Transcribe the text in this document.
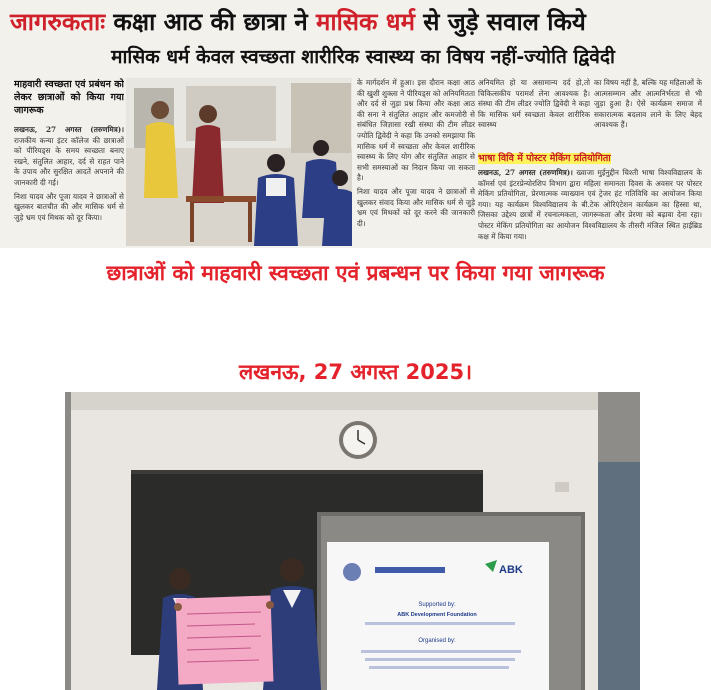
जागरुकताः कक्षा आठ की छात्रा ने मासिक धर्म से जुड़े सवाल किये
मासिक धर्म केवल स्वच्छता शारीरिक स्वास्थ्य का विषय नहीं-ज्योति द्विवेदी
माहवारी स्वच्छता एवं प्रबंधन को लेकर छात्राओं को किया गया जागरूक

लखनऊ, 27 अगस्त (तरुणमित्र)। राजकीय कन्या इंटर कॉलेज की छात्राओं को पीरियड्स के समय स्वच्छता बनाए रखने, संतुलित आहार, दर्द से राहत पाने के उपाय और सुरक्षित आदतें अपनाने की जानकारी दी गई।

निशा यादव और पूजा यादव ने छात्राओं से खुलकर बातचीत की और मासिक धर्म से जुड़े भ्रम एवं मिथक को दूर किया।

के मार्गदर्शन में हुआ। इस दौरान कक्षा आठ की खुशी शुक्ला ने पीरियड्स को अनियमितता और दर्द से जुड़ा प्रश्न किया और कक्षा आठ की सना ने संतुलित आहार और कमजोरी से संबंधित जिज्ञासा रखी संस्था की टीम लीडर ज्योति द्विवेदी ने कहा कि उनको समझाया कि मासिक धर्म में स्वच्छता और केवल शारीरिक स्वास्थ्य के लिए योग और संतुलित आहार से सभी समस्याओं का निदान किया जा सकता है।

निशा यादव और पूजा यादव ने छात्राओं से खुलकर संवाद किया और मासिक धर्म से जुड़े भ्रम एवं मिथकों को दूर करने की जानकारी दी।

अनियमित हो या असामान्य दर्द हो,तो चिकित्सकीय परामर्श लेना आवश्यक है। संस्था की टीम लीडर ज्योति द्विवेदी ने कहा कि मासिक धर्म स्वच्छता केवल शारीरिक स्वास्थ्य

का विषय नहीं है, बल्कि यह महिलाओं के आत्मसम्मान और आत्मनिर्भरता से भी जुड़ा हुआ है। ऐसे कार्यक्रम समाज में सकारात्मक बदलाव लाने के लिए बेहद आवश्यक हैं।

भाषा विवि में पोस्टर मेकिंग प्रतियोगिता

लखनऊ, 27 अगस्त (तरुणमित्र)। ख्वाजा मुईनुद्दीन चिश्ती भाषा विश्वविद्यालय के कॉमर्स एवं इंटरप्रेन्योरशिप विभाग द्वारा महिला समानता दिवस के अवसर पर पोस्टर मेकिंग प्रतियोगिता, प्रेरणात्मक व्याख्यान एवं ट्रेजर हंट गतिविधि का आयोजन किया गया। यह कार्यक्रम विश्वविद्यालय के बी.टेक ओरिएंटेशन कार्यक्रम का हिस्सा था, जिसका उद्देश्य छात्रों में रचनात्मकता, जागरूकता और प्रेरणा को बढ़ावा देना रहा। पोस्टर मेकिंग प्रतियोगिता का आयोजन विश्वविद्यालय के तीसरी मंजिल स्थित हाईब्रिड कक्ष में किया गया।

छात्राओं को माहवारी स्वच्छता एवं प्रबन्धन पर किया गया जागरूक
लखनऊ, 27 अगस्त 2025।
ABK
Supported by:
ABK Development Foundation
Organised by:
